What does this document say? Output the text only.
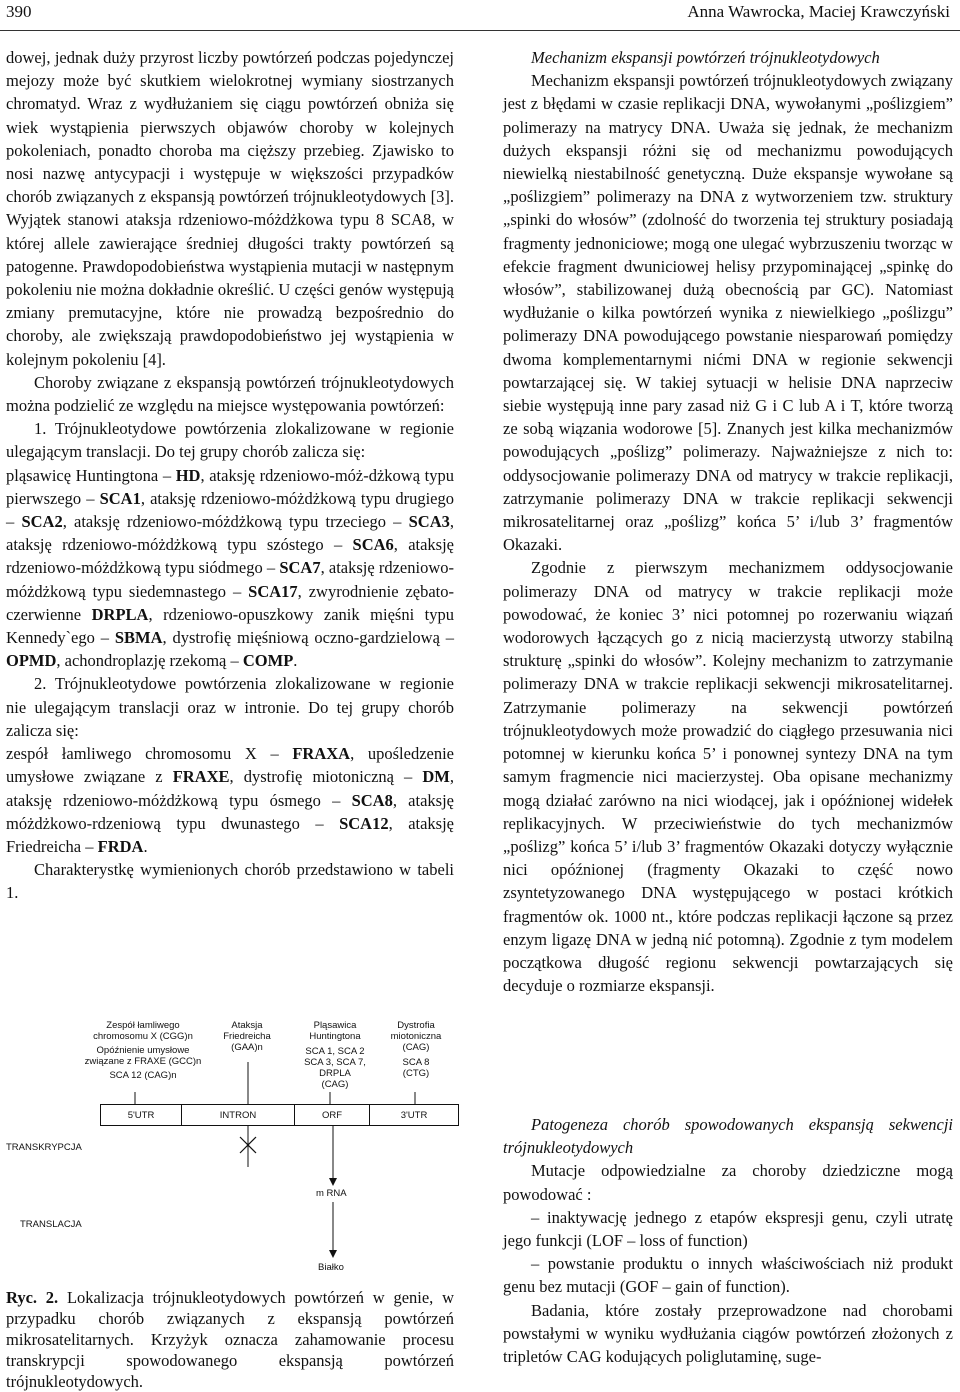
390	Anna Wawrocka, Maciej Krawczyński

dowej, jednak duży przyrost liczby powtórzeń podczas pojedynczej mejozy może być skutkiem wielokrotnej wymiany siostrzanych chromatyd. Wraz z wydłużaniem się ciągu powtórzeń obniża się wiek wystąpienia pierwszych objawów choroby w kolejnych pokoleniach, ponadto choroba ma cięższy przebieg. Zjawisko to nosi nazwę antycypacji i występuje w większości przypadków chorób związanych z ekspansją powtórzeń trójnukleotydowych [3]. Wyjątek stanowi ataksja rdzeniowo-móżdżkowa typu 8 SCA8, w której allele zawierające średniej długości trakty powtórzeń są patogenne. Prawdopodobieństwa wystąpienia mutacji w następnym pokoleniu nie można dokładnie określić. U części genów występują zmiany premutacyjne, które nie prowadzą bezpośrednio do choroby, ale zwiększają prawdopodobieństwo jej wystąpienia w kolejnym pokoleniu [4].

Choroby związane z ekspansją powtórzeń trójnukleotydowych można podzielić ze względu na miejsce występowania powtórzeń:

1. Trójnukleotydowe powtórzenia zlokalizowane w regionie ulegającym translacji. Do tej grupy chorób zalicza się:

pląsawicę Huntingtona – HD, ataksję rdzeniowo-móż-dżkową typu pierwszego – SCA1, ataksję rdzeniowo-móżdżkową typu drugiego – SCA2, ataksję rdzeniowo-móżdżkową typu trzeciego – SCA3, ataksję rdzeniowo-móżdżkową typu szóstego – SCA6, ataksję rdzeniowo-móżdżkową typu siódmego – SCA7, ataksję rdzeniowo-móżdżkową typu siedemnastego – SCA17, zwyrodnienie zębato-czerwienne DRPLA, rdzeniowo-opuszkowy zanik mięśni typu Kennedy`ego – SBMA, dystrofię mięśniową oczno-gardzielową – OPMD, achondroplazję rzekomą – COMP.

2. Trójnukleotydowe powtórzenia zlokalizowane w regionie nie ulegającym translacji oraz w intronie. Do tej grupy chorób zalicza się:

zespół łamliwego chromosomu X – FRAXA, upośledzenie umysłowe związane z FRAXE, dystrofię miotoniczną – DM, ataksję rdzeniowo-móżdżkową typu ósmego – SCA8, ataksję móżdżkowo-rdzeniową typu dwunastego – SCA12, ataksję Friedreicha – FRDA.

Charakterystkę wymienionych chorób przedstawiono w tabeli 1.

Mechanizm ekspansji powtórzeń trójnukleotydowych

Mechanizm ekspansji powtórzeń trójnukleotydowych związany jest z błędami w czasie replikacji DNA, wywołanymi „poślizgiem” polimerazy na matrycy DNA. Uważa się jednak, że mechanizm dużych ekspansji różni się od mechanizmu powodujących niewielką niestabilność genetyczną. Duże ekspansje wywołane są „poślizgiem” polimerazy na DNA z wytworzeniem tzw. struktury „spinki do włosów” (zdolność do tworzenia tej struktury posiadają fragmenty jednoniciowe; mogą one ulegać wybrzuszeniu tworząc w efekcie fragment dwuniciowej helisy przypominającej „spinkę do włosów”, stabilizowanej dużą obecnością par GC). Natomiast wydłużanie o kilka powtórzeń wynika z niewielkiego „poślizgu” polimerazy DNA powodującego powstanie niesparowań pomiędzy dwoma komplementarnymi nićmi DNA w regionie sekwencji powtarzającej się. W takiej sytuacji w helisie DNA naprzeciw siebie występują inne pary zasad niż G i C lub A i T, które tworzą ze sobą wiązania wodorowe [5]. Znanych jest kilka mechanizmów powodujących „poślizg” polimerazy. Najważniejsze z nich to: oddysocjowanie polimerazy DNA od matrycy w trakcie replikacji, zatrzymanie polimerazy DNA w trakcie replikacji sekwencji mikrosatelitarnej oraz „poślizg” końca 5’ i/lub 3’ fragmentów Okazaki.

Zgodnie z pierwszym mechanizmem oddysocjowanie polimerazy DNA od matrycy w trakcie replikacji może powodować, że koniec 3’ nici potomnej po rozerwaniu wiązań wodorowych łączących go z nicią macierzystą utworzy stabilną strukturę „spinki do włosów”. Kolejny mechanizm to zatrzymanie polimerazy DNA w trakcie replikacji sekwencji mikrosatelitarnej. Zatrzymanie polimerazy na sekwencji powtórzeń trójnukleotydowych może prowadzić do ciągłego przesuwania nici potomnej w kierunku końca 5’ i ponownej syntezy DNA na tym samym fragmencie nici macierzystej. Oba opisane mechanizmy mogą działać zarówno na nici wiodącej, jak i opóźnionej widełek replikacyjnych. W przeciwieństwie do tych mechanizmów „poślizg” końca 5’ i/lub 3’ fragmentów Okazaki dotyczy wyłącznie nici opóźnionej (fragmenty Okazaki to część nowo zsyntetyzowanego DNA występującego w postaci krótkich fragmentów ok. 1000 nt., które podczas replikacji łączone są przez enzym ligazę DNA w jedną nić potomną). Zgodnie z tym modelem początkowa długość regionu sekwencji powtarzających się decyduje o rozmiarze ekspansji.

Patogeneza chorób spowodowanych ekspansją sekwencji trójnukleotydowych

Mutacje odpowiedzialne za choroby dziedziczne mogą powodować :

– inaktywację jednego z etapów ekspresji genu, czyli utratę jego funkcji (LOF – loss of function)

– powstanie produktu o innych właściwościach niż produkt genu bez mutacji (GOF – gain of function).

Badania, które zostały przeprowadzone nad chorobami powstałymi w wyniku wydłużania ciągów powtórzeń złożonych z tripletów CAG kodujących poliglutaminę, suge-

Zespół łamliwego
chromosomu X (CGG)n
Opóźnienie umysłowe
związane z FRAXE (GCC)n
SCA 12 (CAG)n
Ataksja
Friedreicha
(GAA)n
Pląsawica
Huntingtona
SCA 1, SCA 2
SCA 3, SCA 7,
DRPLA
(CAG)
Dystrofia
miotoniczna
(CAG)
SCA 8
(CTG)
5'UTR	INTRON	ORF	3'UTR
TRANSKRYPCJA
m RNA
TRANSLACJA
Białko
Ryc. 2. Lokalizacja trójnukleotydowych powtórzeń w genie, w przypadku chorób związanych z ekspansją powtórzeń mikrosatelitarnych. Krzyżyk oznacza zahamowanie procesu transkrypcji spowodowanego ekspansją powtórzeń trójnukleotydowych.
